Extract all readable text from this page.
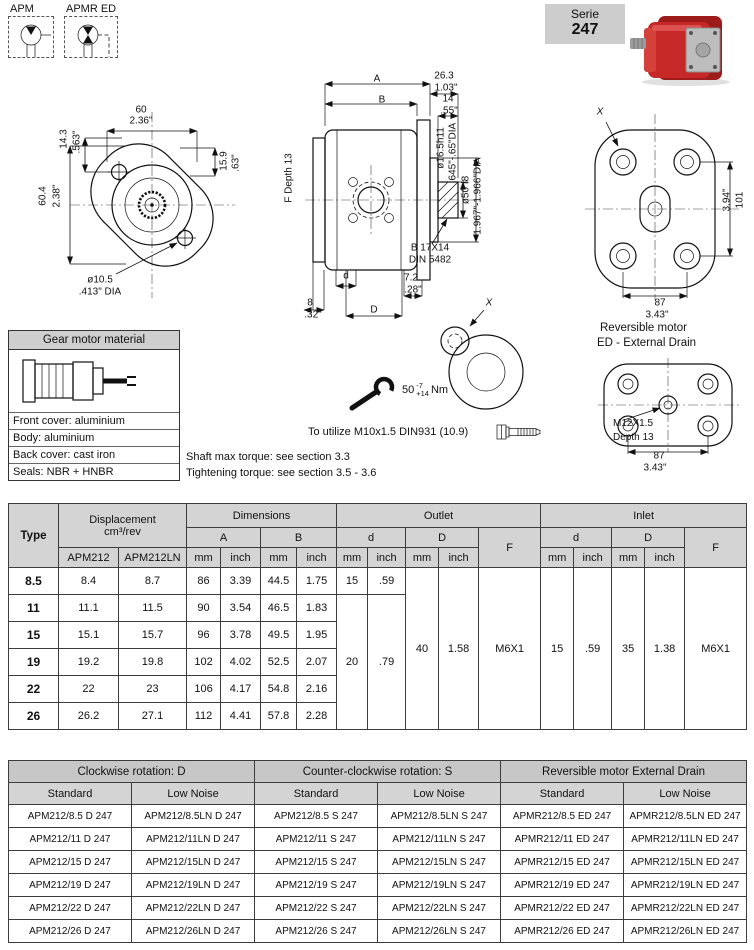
APM	APMR ED	Serie
247
50 -7
+14 Nm
To utilize M10x1.5 DIN931 (10.9)
60
2.36"
14.3 .563"
60.4 2.38"
15.9 .63"
ø10.5
.413" DIA
A
B
26.3
1.03"
14
.55"
ø16.5h11 .645"-.65"DIA
ø50 f8 1.967"-1.966"DIA
F Depth 13
B 17X14
DIN 5482
7.2
.28"
d
8
.32"	D
X
101
3.94"
87
3.43"
Reversible motor
ED - External Drain
M12X1.5
Depth 13
87
3.43"
X
Shaft max torque: see section 3.3
Tightening torque: see section 3.5 - 3.6
Gear motor material
Front cover: aluminium
Body: aluminium
Back cover: cast iron
Seals: NBR + HNBR
Type	Displacement
cm³/rev		Dimensions				Outlet					Inlet				
			A		B		d		D		F	d		D		F
	APM212	APM212LN	mm	inch	mm	inch	mm	inch	mm	inch		mm	inch	mm	inch	
8.5	8.4	8.7	86	3.39	44.5	1.75	15	.59	40	1.58	M6X1	15	.59	35	1.38	M6X1
11	11.1	11.5	90	3.54	46.5	1.83	20	.79								
15	15.1	15.7	96	3.78	49.5	1.95										
19	19.2	19.8	102	4.02	52.5	2.07										
22	22	23	106	4.17	54.8	2.16										
26	26.2	27.1	112	4.41	57.8	2.28										
Clockwise rotation: D		Counter-clockwise rotation: S		Reversible motor External Drain	
Standard	Low Noise	Standard	Low Noise	Standard	Low Noise
APM212/8.5 D 247	APM212/8.5LN D 247	APM212/8.5 S 247	APM212/8.5LN S 247	APMR212/8.5 ED 247	APMR212/8.5LN ED 247
APM212/11 D 247	APM212/11LN D 247	APM212/11 S 247	APM212/11LN S 247	APMR212/11 ED 247	APMR212/11LN ED 247
APM212/15 D 247	APM212/15LN D 247	APM212/15 S 247	APM212/15LN S 247	APMR212/15 ED 247	APMR212/15LN ED 247
APM212/19 D 247	APM212/19LN D 247	APM212/19 S 247	APM212/19LN S 247	APMR212/19 ED 247	APMR212/19LN ED 247
APM212/22 D 247	APM212/22LN D 247	APM212/22 S 247	APM212/22LN S 247	APMR212/22 ED 247	APMR212/22LN ED 247
APM212/26 D 247	APM212/26LN D 247	APM212/26 S 247	APM212/26LN S 247	APMR212/26 ED 247	APMR212/26LN ED 247
